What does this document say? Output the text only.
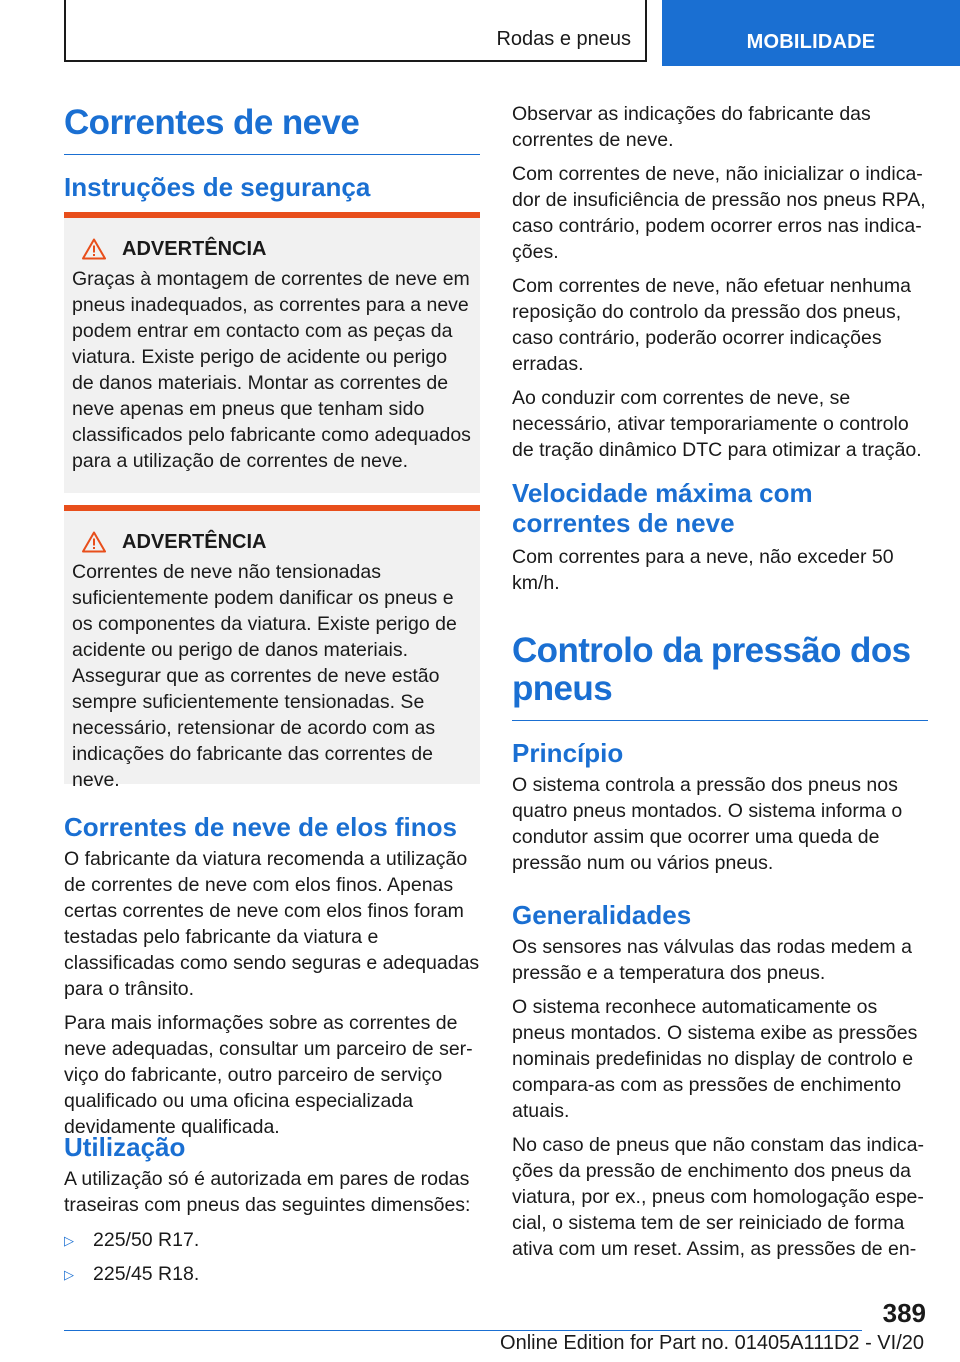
Rodas e pneus	MOBILIDADE
Correntes de neve
Instruções de segurança
ADVERTÊNCIA

Graças à montagem de correntes de neve em pneus inadequados, as correntes para a neve podem entrar em contacto com as peças da viatura. Existe perigo de acidente ou perigo de danos materiais. Montar as correntes de neve apenas em pneus que tenham sido classificados pelo fabricante como adequados para a utilização de correntes de neve.

ADVERTÊNCIA

Correntes de neve não tensionadas suficientemente podem danificar os pneus e os componentes da viatura. Existe perigo de acidente ou perigo de danos materiais. Assegurar que as correntes de neve estão sempre suficientemente tensionadas. Se necessário, retensionar de acordo com as indicações do fabricante das correntes de neve.

Correntes de neve de elos finos

O fabricante da viatura recomenda a utilização de correntes de neve com elos finos. Apenas certas correntes de neve com elos finos foram testadas pelo fabricante da viatura e classificadas como sendo seguras e adequadas para o trânsito.

Para mais informações sobre as correntes de neve adequadas, consultar um parceiro de serviço do fabricante, outro parceiro de serviço qualificado ou uma oficina especializada devidamente qualificada.

Utilização

A utilização só é autorizada em pares de rodas traseiras com pneus das seguintes dimensões:

▷ 225/50 R17.
▷ 225/45 R18.

Observar as indicações do fabricante das correntes de neve.

Com correntes de neve, não inicializar o indicador de insuficiência de pressão nos pneus RPA, caso contrário, podem ocorrer erros nas indicações.

Com correntes de neve, não efetuar nenhuma reposição do controlo da pressão dos pneus, caso contrário, poderão ocorrer indicações erradas.

Ao conduzir com correntes de neve, se necessário, ativar temporariamente o controlo de tração dinâmico DTC para otimizar a tração.

Velocidade máxima com correntes de neve

Com correntes para a neve, não exceder 50 km/h.

Controlo da pressão dos pneus
Princípio

O sistema controla a pressão dos pneus nos quatro pneus montados. O sistema informa o condutor assim que ocorrer uma queda de pressão num ou vários pneus.

Generalidades

Os sensores nas válvulas das rodas medem a pressão e a temperatura dos pneus.

O sistema reconhece automaticamente os pneus montados. O sistema exibe as pressões nominais predefinidas no display de controlo e compara-as com as pressões de enchimento atuais.

No caso de pneus que não constam das indicações da pressão de enchimento dos pneus da viatura, por ex., pneus com homologação especial, o sistema tem de ser reiniciado de forma ativa com um reset. Assim, as pressões de en-

389
Online Edition for Part no. 01405A111D2 - VI/20
